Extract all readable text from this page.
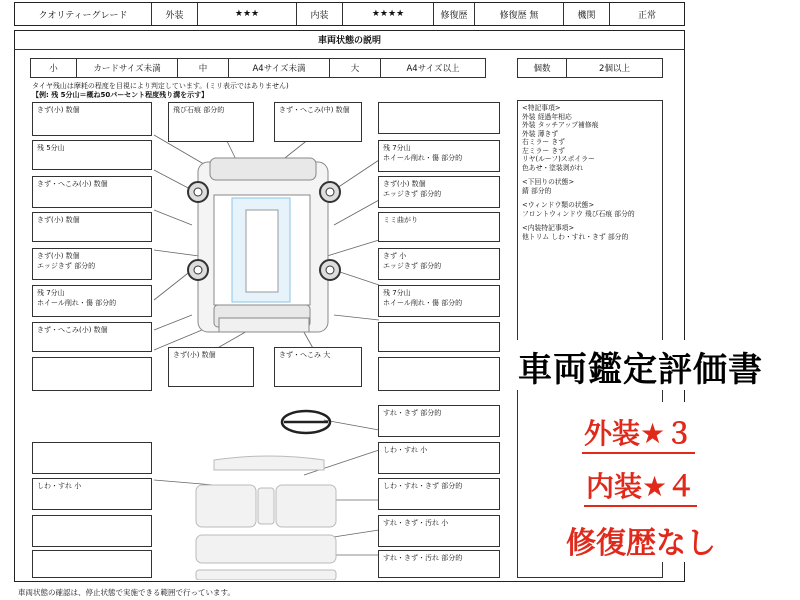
クオリティーグレード	外装	★★★	内装	★★★★	修復歴	修復歴 無	機関	正常
車両状態の説明
小	カードサイズ未満	中	A4サイズ未満	大	A4サイズ以上	個数	2個以上
タイヤ残山は摩耗の程度を目視により判定しています。(ミリ表示ではありません)
【例: 残 5分山＝概ね50パーセント程度残り溝を示す】
きず(小) 数個	飛び石痕 部分的	きず・へこみ(中) 数個
残 5分山	残 7分山
ホイール削れ・傷 部分的
きず・へこみ(小) 数個	きず(小) 数個
エッジきず 部分的
きず(小) 数個	ミミ曲がり
きず(小) 数個
エッジきず 部分的
きず 小
エッジきず 部分的
残 7分山
ホイール削れ・傷 部分的
残 7分山
ホイール削れ・傷 部分的
きず・へこみ(小) 数個
きず(小) 数個	きず・へこみ 大
すれ・きず 部分的
しわ・すれ 小
しわ・すれ 小	しわ・すれ・きず 部分的
すれ・きず・汚れ 小
すれ・きず・汚れ 部分的
<特記事項>
外装 経過年相応
外装 タッチアップ補修痕
外装 薄きず
右ミラー きず
左ミラー きず
リヤ(ルーフ)スポイラー
色あせ・塗装剥がれ
<下回りの状態>
錆 部分的
<ウィンドウ類の状態>
フロントウィンドウ 飛び石痕 部分的
<内装特記事項>
他トリム しわ・すれ・きず 部分的
車両鑑定評価書
外装★３
内装★４
修復歴なし
車両状態の確認は、停止状態で実施できる範囲で行っています。
